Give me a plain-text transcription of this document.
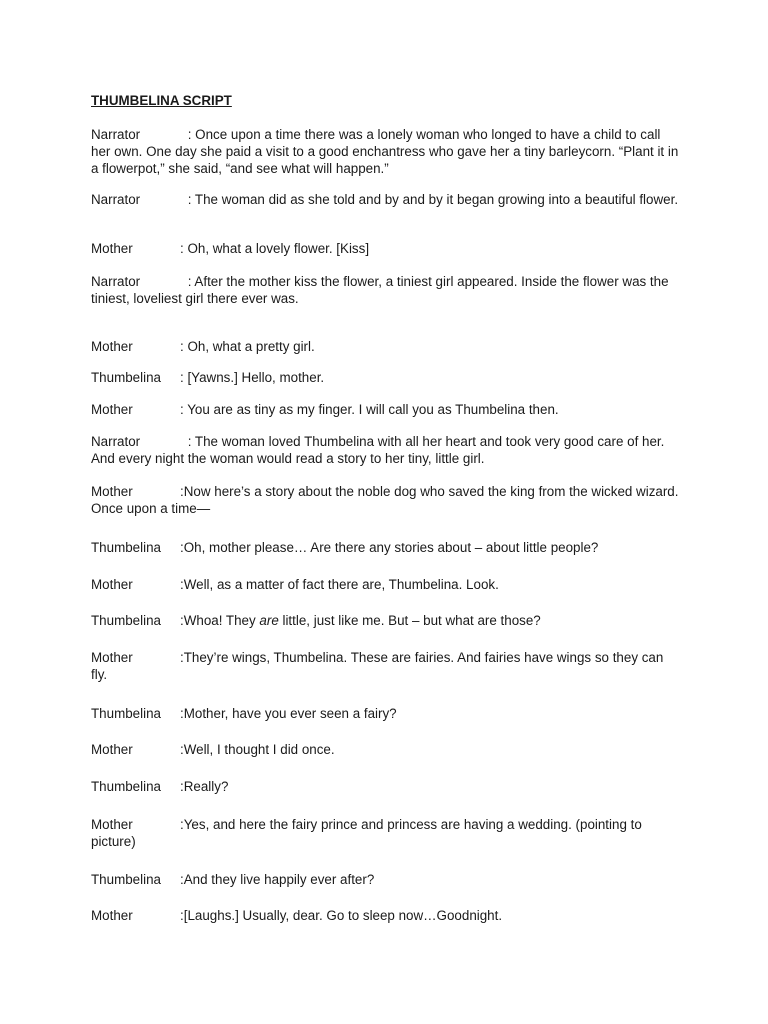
THUMBELINA SCRIPT

Narrator	: Once upon a time there was a lonely woman who longed to have a child to call her own. One day she paid a visit to a good enchantress who gave her a tiny barleycorn. “Plant it in a flowerpot,” she said, “and see what will happen.”

Narrator	: The woman did as she told and by and by it began growing into a beautiful flower.

Mother	: Oh, what a lovely flower. [Kiss]

Narrator	: After the mother kiss the flower, a tiniest girl appeared. Inside the flower was the tiniest, loveliest girl there ever was.

Mother	: Oh, what a pretty girl.

Thumbelina : [Yawns.] Hello, mother.

Mother	: You are as tiny as my finger. I will call you as Thumbelina then.

Narrator	: The woman loved Thumbelina with all her heart and took very good care of her. And every night the woman would read a story to her tiny, little girl.

Mother	:Now here’s a story about the noble dog who saved the king from the wicked wizard. Once upon a time—

Thumbelina :Oh, mother please… Are there any stories about – about little people?

Mother	:Well, as a matter of fact there are, Thumbelina. Look.

Thumbelina :Whoa! They are little, just like me. But – but what are those?

Mother	:They’re wings, Thumbelina. These are fairies. And fairies have wings so they can fly.

Thumbelina :Mother, have you ever seen a fairy?

Mother	:Well, I thought I did once.

Thumbelina :Really?

Mother	:Yes, and here the fairy prince and princess are having a wedding. (pointing to picture)

Thumbelina :And they live happily ever after?

Mother	:[Laughs.] Usually, dear. Go to sleep now…Goodnight.
